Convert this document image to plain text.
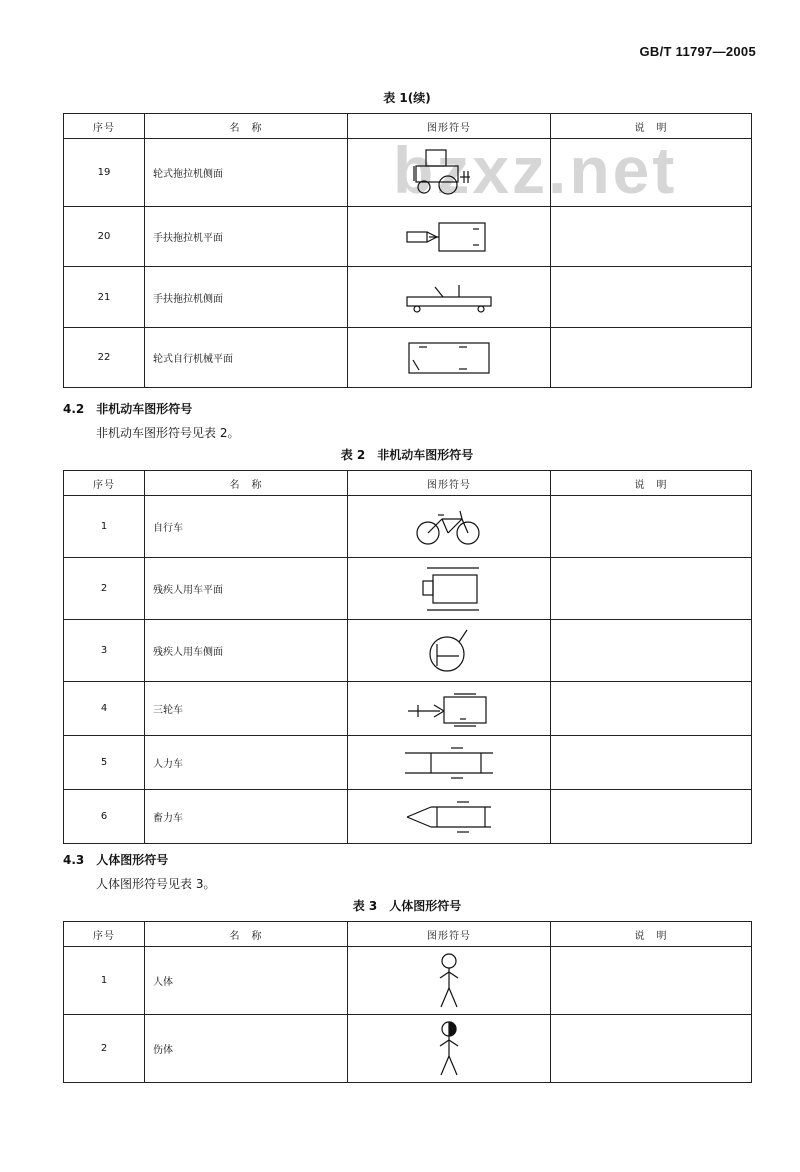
GB/T 11797—2005
bzxz.net
表 1(续)
序号	名　称	图形符号	说　明
19	轮式拖拉机侧面	

20	手扶拖拉机平面	

21	手扶拖拉机侧面	

22	轮式自行机械平面	

4.2　非机动车图形符号
非机动车图形符号见表 2。
表 2　非机动车图形符号
序号	名　称	图形符号	说　明
1	自行车	

2	残疾人用车平面	

3	残疾人用车侧面	

4	三轮车	

5	人力车	

6	畜力车	

4.3　人体图形符号
人体图形符号见表 3。
表 3　人体图形符号
序号	名　称	图形符号	说　明
1	人体	

2	伤体	
